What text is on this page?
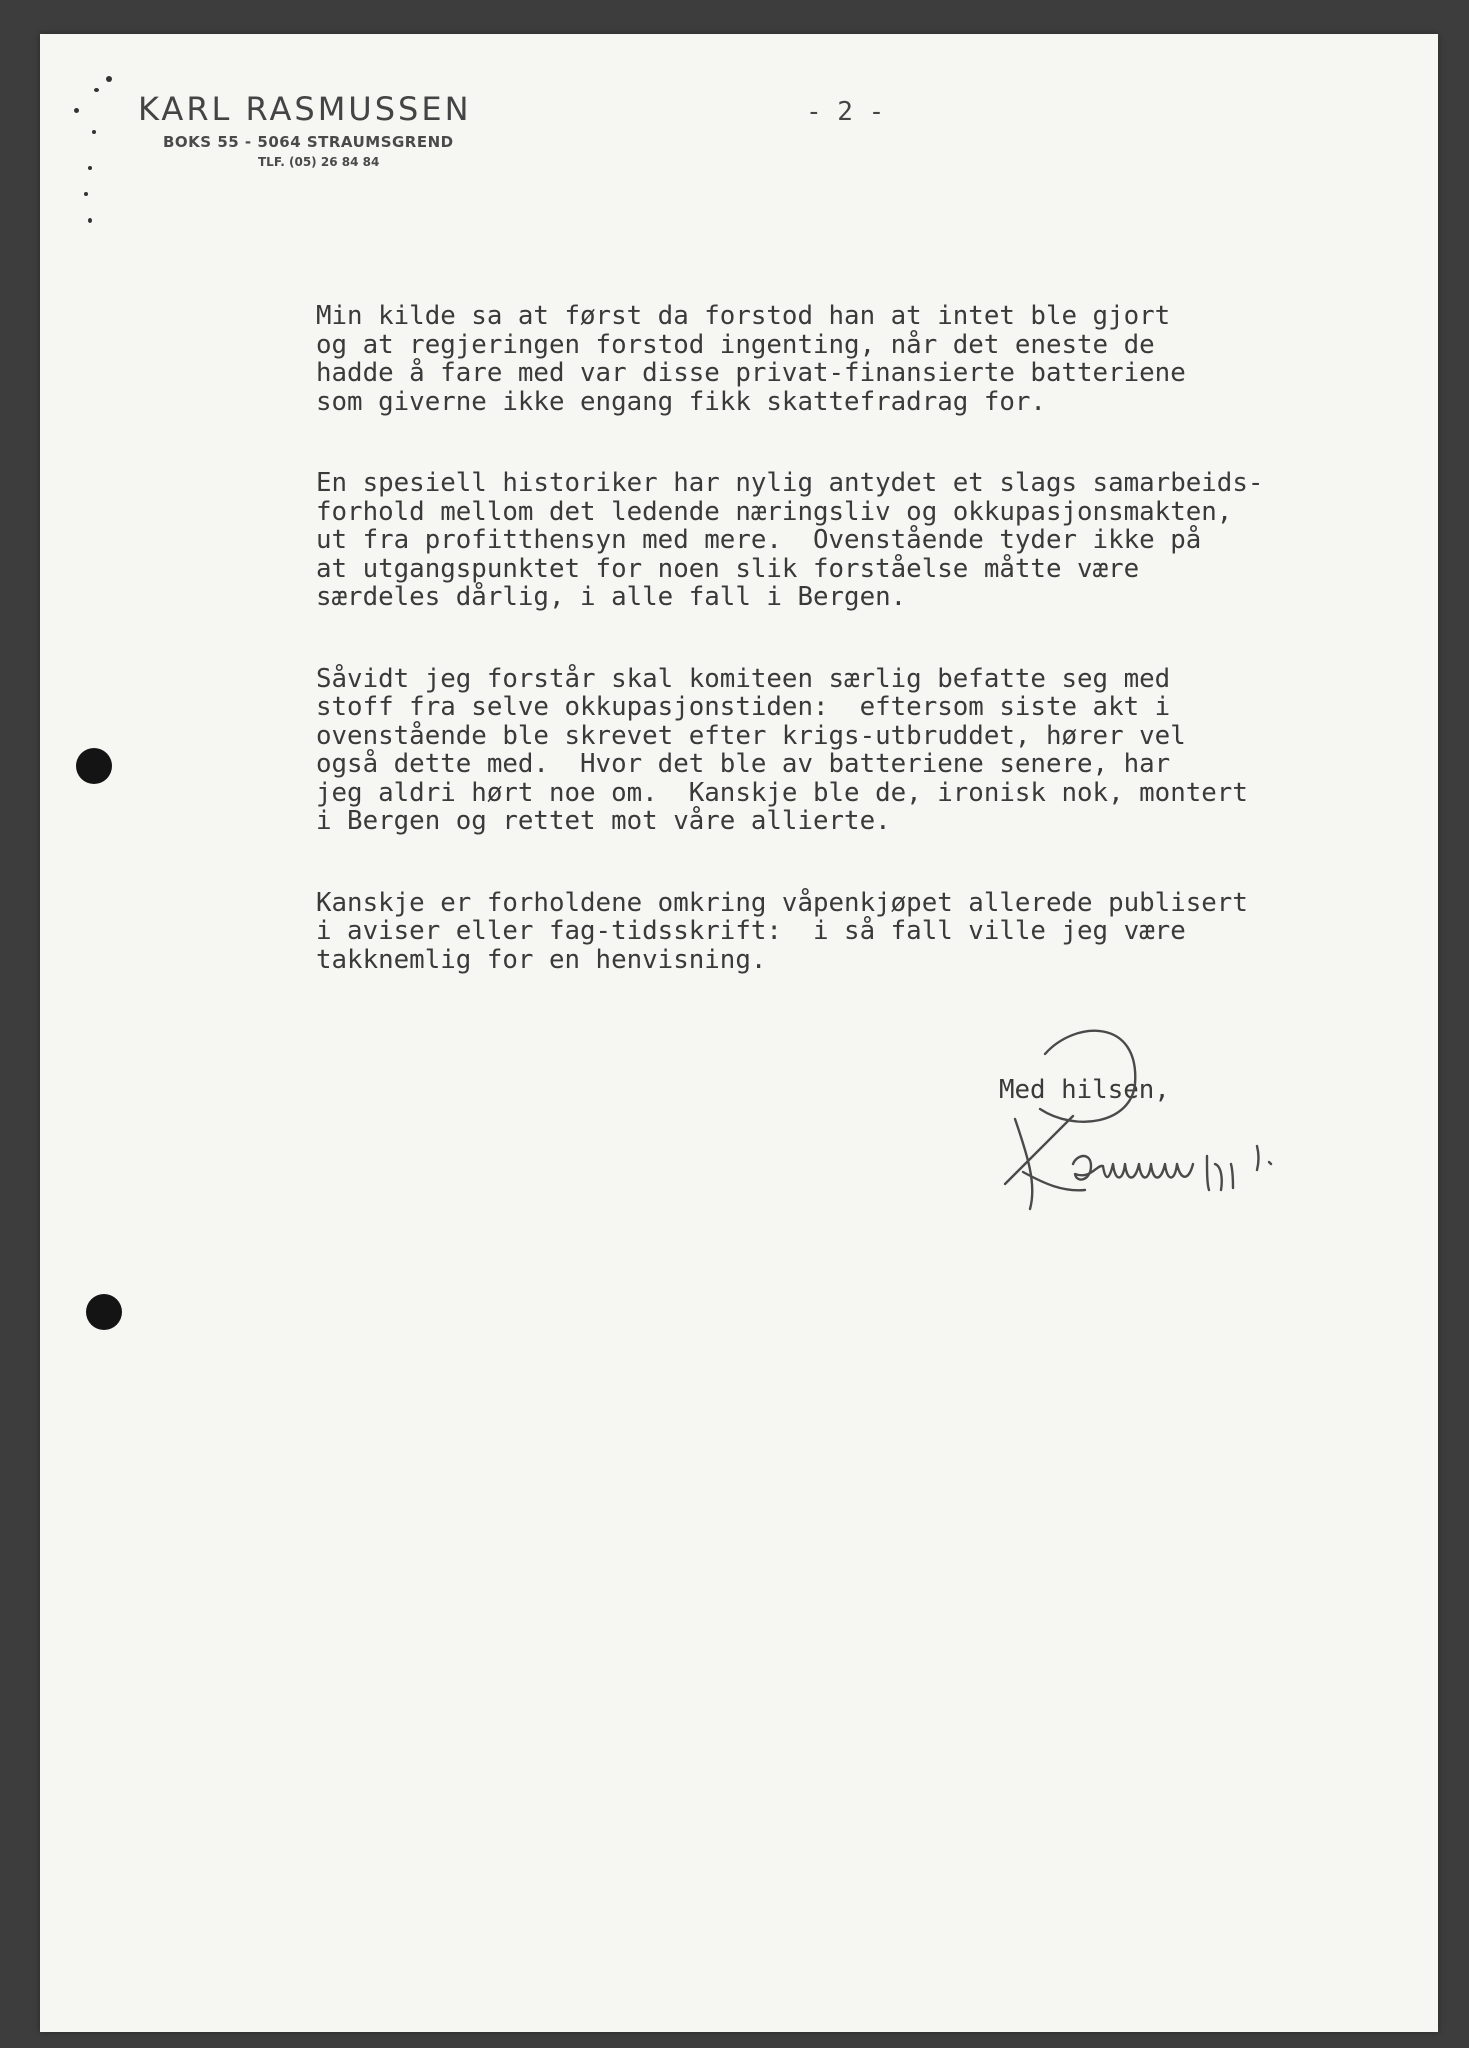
KARL RASMUSSEN
BOKS 55 - 5064 STRAUMSGREND
TLF. (05) 26 84 84
- 2 -
Min kilde sa at først da forstod han at intet ble gjort
og at regjeringen forstod ingenting, når det eneste de
hadde å fare med var disse privat-finansierte batteriene
som giverne ikke engang fikk skattefradrag for.
En spesiell historiker har nylig antydet et slags samarbeids-
forhold mellom det ledende næringsliv og okkupasjonsmakten,
ut fra profitthensyn med mere.  Ovenstående tyder ikke på
at utgangspunktet for noen slik forståelse måtte være
særdeles dårlig, i alle fall i Bergen.
Såvidt jeg forstår skal komiteen særlig befatte seg med
stoff fra selve okkupasjonstiden:  eftersom siste akt i
ovenstående ble skrevet efter krigs-utbruddet, hører vel
også dette med.  Hvor det ble av batteriene senere, har
jeg aldri hørt noe om.  Kanskje ble de, ironisk nok, montert
i Bergen og rettet mot våre allierte.
Kanskje er forholdene omkring våpenkjøpet allerede publisert
i aviser eller fag-tidsskrift:  i så fall ville jeg være
takknemlig for en henvisning.
Med hilsen,
